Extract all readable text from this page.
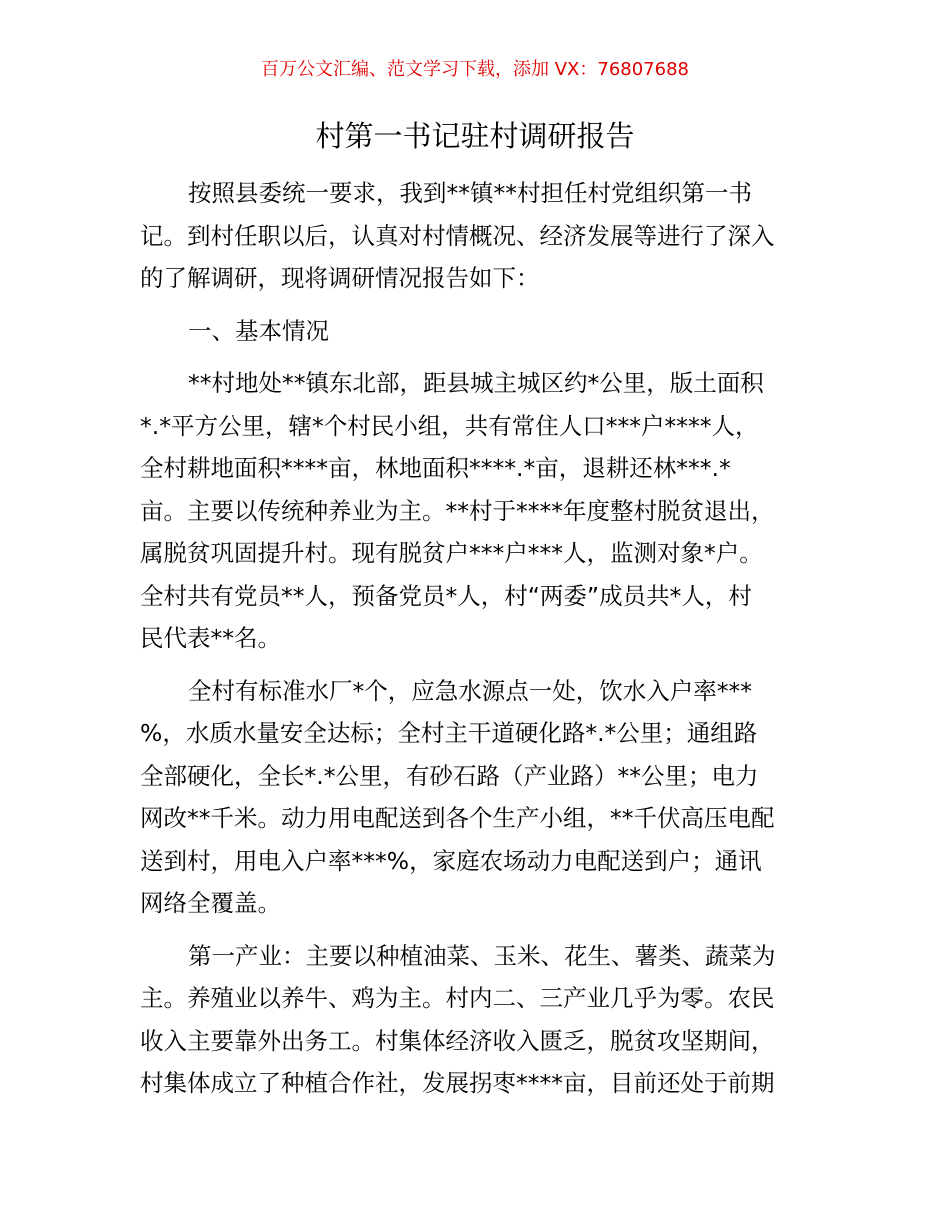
百万公文汇编、范文学习下载，添加 VX：76807688
村第一书记驻村调研报告
按照县委统一要求，我到**镇**村担任村党组织第一书
记。到村任职以后，认真对村情概况、经济发展等进行了深入
的了解调研，现将调研情况报告如下：
一、基本情况
**村地处**镇东北部，距县城主城区约*公里，版土面积
*.*平方公里，辖*个村民小组，共有常住人口***户****人，
全村耕地面积****亩，林地面积****.*亩，退耕还林***.*
亩。主要以传统种养业为主。**村于****年度整村脱贫退出，
属脱贫巩固提升村。现有脱贫户***户***人，监测对象*户。
全村共有党员**人，预备党员*人，村“两委”成员共*人，村
民代表**名。
全村有标准水厂*个，应急水源点一处，饮水入户率***
%，水质水量安全达标；全村主干道硬化路*.*公里；通组路
全部硬化，全长*.*公里，有砂石路（产业路）**公里；电力
网改**千米。动力用电配送到各个生产小组，**千伏高压电配
送到村，用电入户率***%，家庭农场动力电配送到户；通讯
网络全覆盖。
第一产业：主要以种植油菜、玉米、花生、薯类、蔬菜为
主。养殖业以养牛、鸡为主。村内二、三产业几乎为零。农民
收入主要靠外出务工。村集体经济收入匮乏，脱贫攻坚期间，
村集体成立了种植合作社，发展拐枣****亩，目前还处于前期
